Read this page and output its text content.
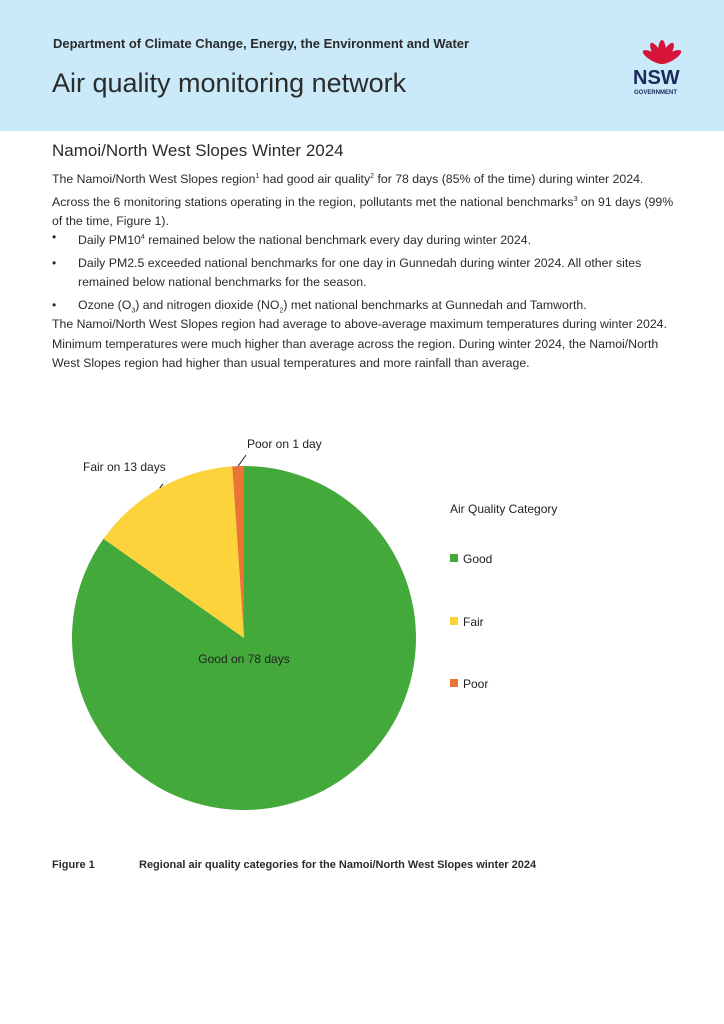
Department of Climate Change, Energy, the Environment and Water
Air quality monitoring network	NSW
GOVERNMENT
Namoi/North West Slopes Winter 2024
The Namoi/North West Slopes region$^1$ had good air quality$^2$ for 78 days (85% of the time) during winter 2024. Across the 6 monitoring stations operating in the region, pollutants met the national benchmarks$^3$ on 91 days (99% of the time, Figure 1).
• Daily $PM10^4$ remained below the national benchmark every day during winter 2024.
• Daily PM2.5 exceeded national benchmarks for one day in Gunnedah during winter 2024. All other sites remained below national benchmarks for the season.
• Ozone $(O_3)$ and nitrogen dioxide $(NO_2)$ met national benchmarks at Gunnedah and Tamworth.
The Namoi/North West Slopes region had average to above-average maximum temperatures during winter 2024. Minimum temperatures were much higher than average across the region. During winter 2024, the Namoi/North West Slopes region had higher than usual temperatures and more rainfall than average.
Good on 78 days
Fair on 13 days
Poor on 1 day
Air Quality Category
Good
Fair
Poor
Figure 1	Regional air quality categories for the Namoi/North West Slopes winter 2024
